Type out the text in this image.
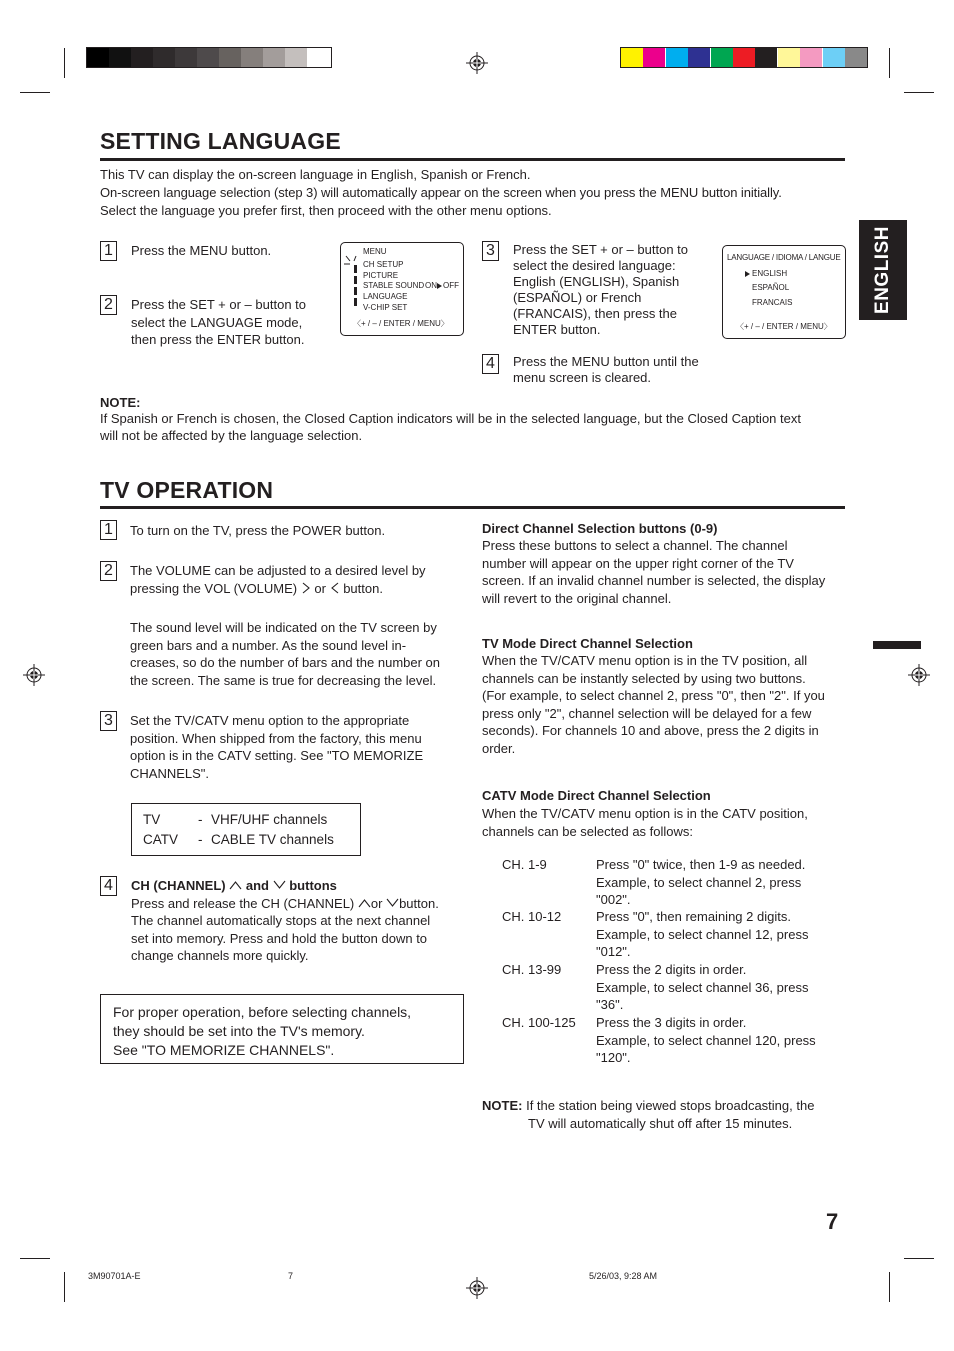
ENGLISH
SETTING LANGUAGE
This TV can display the on-screen language in English, Spanish or French.
On-screen language selection (step 3) will automatically appear on the screen when you press the MENU button initially.
Select the language you prefer first, then proceed with the other menu options.
1	Press the MENU button.
2	Press the SET + or – button to
select the LANGUAGE mode,
then press the ENTER button.
MENU
CH SETUP
PICTURE
STABLE SOUND ON OFF
LANGUAGE
V-CHIP SET
〈+ / – / ENTER / MENU〉
3	Press the SET + or – button to
select the desired language:
English (ENGLISH), Spanish
(ESPAÑOL) or French
(FRANCAIS), then press the
ENTER button.
LANGUAGE / IDIOMA / LANGUE
ENGLISH
ESPAÑOL
FRANCAIS
〈+ / – / ENTER / MENU〉
4	Press the MENU button until the
menu screen is cleared.
NOTE:
If Spanish or French is chosen, the Closed Caption indicators will be in the selected language, but the Closed Caption text
will not be affected by the language selection.
TV OPERATION
1	To turn on the TV, press the POWER button.
2	The VOLUME can be adjusted to a desired level by
pressing the VOL (VOLUME) or button.
The sound level will be indicated on the TV screen by
green bars and a number. As the sound level in-
creases, so do the number of bars and the number on
the screen. The same is true for decreasing the level.
3	Set the TV/CATV menu option to the appropriate
position. When shipped from the factory, this menu
option is in the CATV setting. See "TO MEMORIZE
CHANNELS".
TV	- VHF/UHF channels
CATV - CABLE TV channels
4	CH (CHANNEL) and buttons
Press and release the CH (CHANNEL) or button.
The channel automatically stops at the next channel
set into memory. Press and hold the button down to
change channels more quickly.
For proper operation, before selecting channels,
they should be set into the TV's memory.
See "TO MEMORIZE CHANNELS".
Direct Channel Selection buttons (0-9)
Press these buttons to select a channel. The channel
number will appear on the upper right corner of the TV
screen. If an invalid channel number is selected, the display
will revert to the original channel.
TV Mode Direct Channel Selection
When the TV/CATV menu option is in the TV position, all
channels can be instantly selected by using two buttons.
(For example, to select channel 2, press "0", then "2". If you
press only "2", channel selection will be delayed for a few
seconds). For channels 10 and above, press the 2 digits in
order.
CATV Mode Direct Channel Selection
When the TV/CATV menu option is in the CATV position,
channels can be selected as follows:
CH. 1-9	Press "0" twice, then 1-9 as needed.
Example, to select channel 2, press
"002".
CH. 10-12	Press "0", then remaining 2 digits.
Example, to select channel 12, press
"012".
CH. 13-99	Press the 2 digits in order.
Example, to select channel 36, press
"36".
CH. 100-125 Press the 3 digits in order.
Example, to select channel 120, press
"120".
NOTE: If the station being viewed stops broadcasting, the
TV will automatically shut off after 15 minutes.
7
3M90701A-E	7	5/26/03, 9:28 AM
